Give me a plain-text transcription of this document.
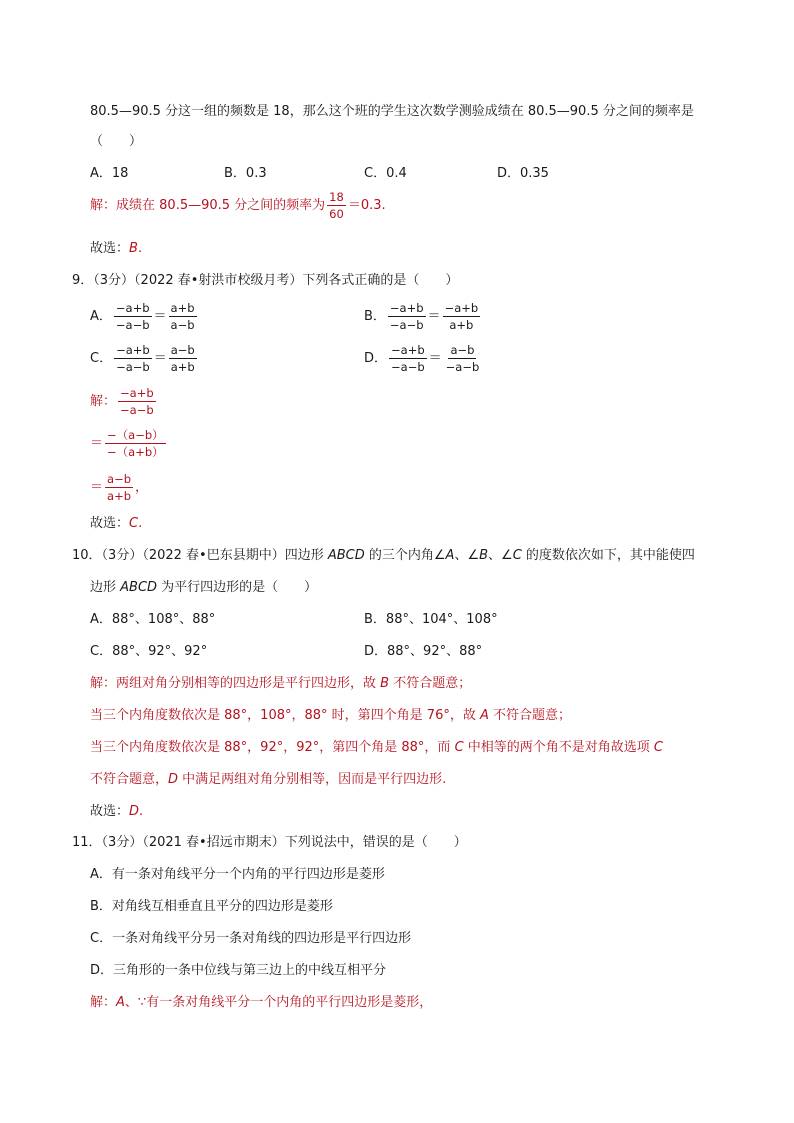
80.5—90.5 分这一组的频数是 18，那么这个班的学生这次数学测验成绩在 80.5—90.5 分之间的频率是
（　　）
A．18	B．0.3	C．0.4	D．0.35
解： 成绩在 80.5—90.5 分之间的频率为 $\frac{18}{60} =0.3$.
故选：B.
9．（3分）（2022 春•射洪市校级月考）下列各式正确的是（　　）
A． $\frac{-a+b}{-a-b} = \frac{a+b}{a-b}$	B． $\frac{-a+b}{-a-b} = \frac{-a+b}{a+b}$
C． $\frac{-a+b}{-a-b} = \frac{a-b}{a+b}$	D． $\frac{-a+b}{-a-b} = \frac{a-b}{-a-b}$
解： $\frac{-a+b}{-a-b}$
＝ $\frac{-(a-b)}{-(a+b)}$
＝ $\frac{a-b}{a+b}$ ，
故选：C.
10．（3分）（2022 春•巴东县期中）四边形 ABCD 的三个内角∠A、∠B、∠C 的度数依次如下，其中能使四
边形 ABCD 为平行四边形的是（　　）
A．88°、108°、88°	B．88°、104°、108°
C．88°、92°、92°	D．88°、92°、88°
解：两组对角分别相等的四边形是平行四边形，故 B 不符合题意；
当三个内角度数依次是 88°，108°，88° 时，第四个角是 76°，故 A 不符合题意；
当三个内角度数依次是 88°，92°，92°，第四个角是 88°，而 C 中相等的两个角不是对角故选项 C
不符合题意，D 中满足两组对角分别相等，因而是平行四边形.
故选：D.
11．（3分）（2021 春•招远市期末）下列说法中，错误的是（　　）
A．有一条对角线平分一个内角的平行四边形是菱形
B．对角线互相垂直且平分的四边形是菱形
C．一条对角线平分另一条对角线的四边形是平行四边形
D．三角形的一条中位线与第三边上的中线互相平分
解：A、∵有一条对角线平分一个内角的平行四边形是菱形，
